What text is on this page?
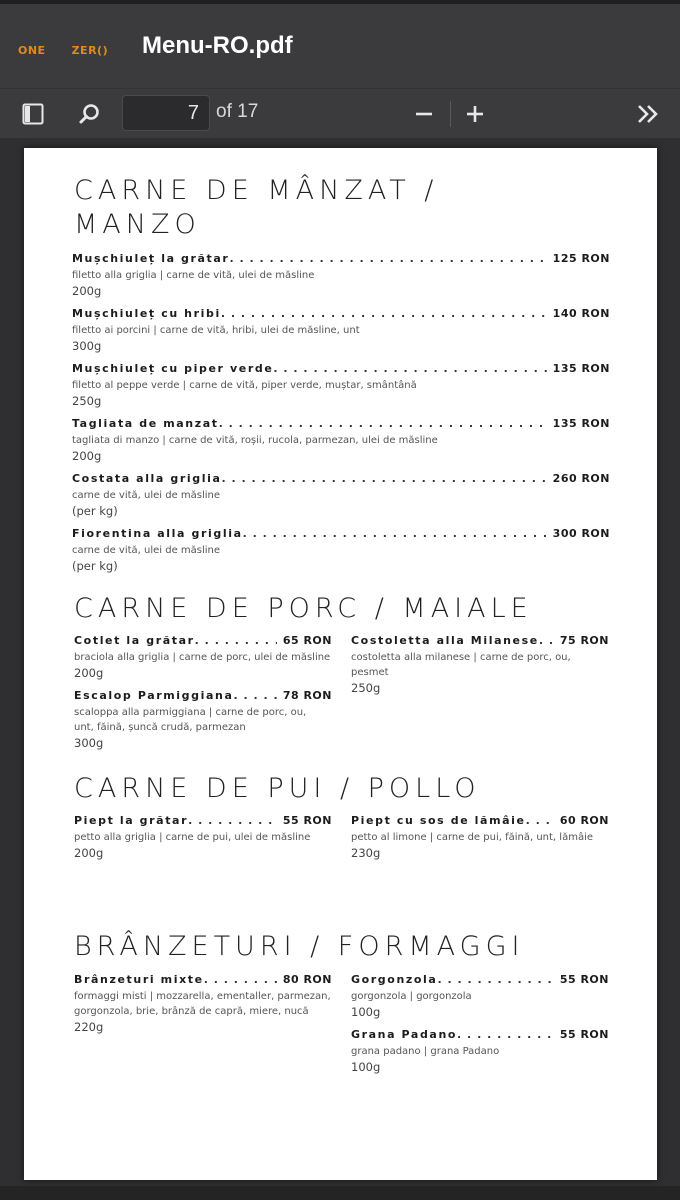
ONE ZER() Menu-RO.pdf
7 of 17
CARNE DE MÂNZAT /
MANZO
Mușchiuleț la grătar . . .	125 RON
filetto alla griglia | carne de vită, ulei de măsline
200g
Mușchiuleț cu hribi . . .	140 RON
filetto ai porcini | carne de vită, hribi, ulei de măsline, unt
300g
Mușchiuleț cu piper verde . . .	135 RON
filetto al peppe verde | carne de vită, piper verde, muștar, smântână
250g
Tagliata de manzat . . .	135 RON
tagliata di manzo | carne de vită, roșii, rucola, parmezan, ulei de măsline
200g
Costata alla griglia . . .	260 RON
carne de vită, ulei de măsline
(per kg)
Fiorentina alla griglia . . .	300 RON
carne de vită, ulei de măsline
(per kg)
CARNE DE PORC / MAIALE
Cotlet la grătar . . .	65 RON
braciola alla griglia | carne de porc, ulei de măsline
200g
Costoletta alla Milanese . . .	75 RON
costoletta alla milanese | carne de porc, ou, pesmet
250g
Escalop Parmiggiana . . .	78 RON
scaloppa alla parmiggiana | carne de porc, ou, unt, făină, șuncă crudă, parmezan
300g
CARNE DE PUI / POLLO
Piept la grătar . . .	55 RON
petto alla griglia | carne de pui, ulei de măsline
200g
Piept cu sos de lămâie . . .	60 RON
petto al limone | carne de pui, făină, unt, lămâie
230g
BRÂNZETURI / FORMAGGI
Brânzeturi mixte . . .	80 RON
formaggi misti | mozzarella, ementaller, parmezan, gorgonzola, brie, brânză de capră, miere, nucă
220g
Gorgonzola . . .	55 RON
gorgonzola | gorgonzola
100g
Grana Padano . . .	55 RON
grana padano | grana Padano
100g
